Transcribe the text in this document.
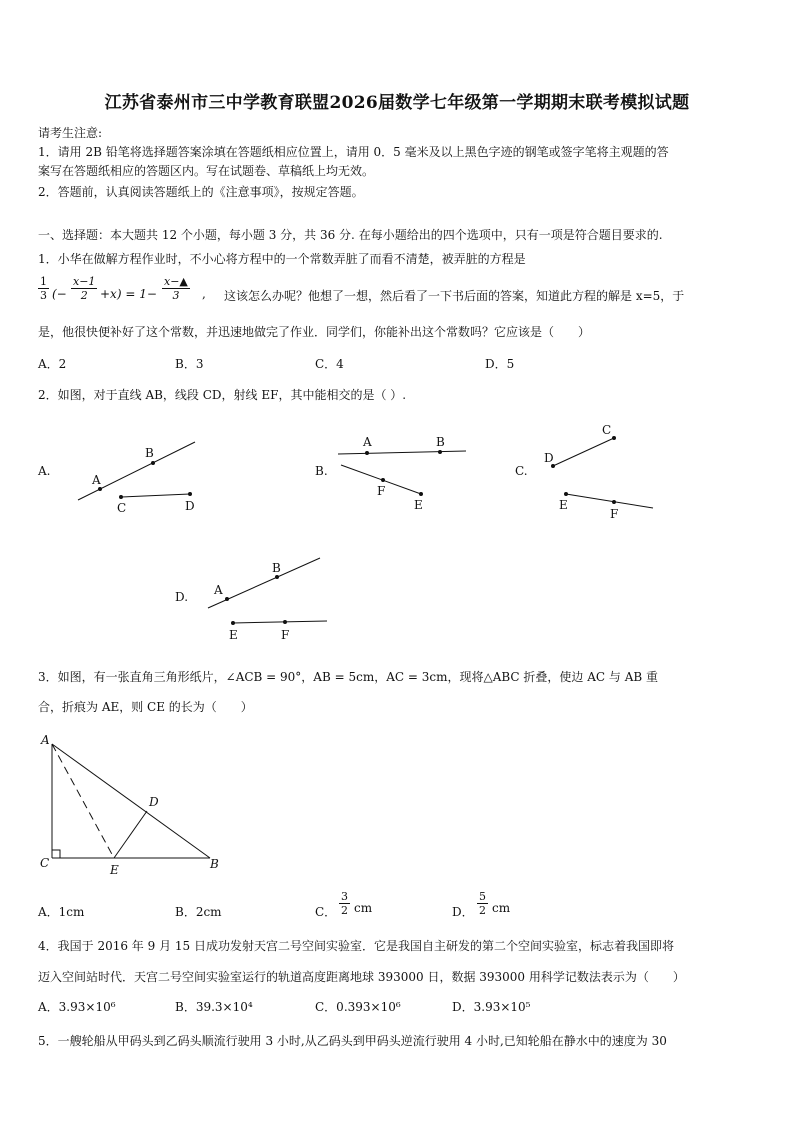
江苏省泰州市三中学教育联盟2026届数学七年级第一学期期末联考模拟试题
请考生注意:
1．请用 2B 铅笔将选择题答案涂填在答题纸相应位置上，请用 0．5 毫米及以上黑色字迹的钢笔或签字笔将主观题的答
案写在答题纸相应的答题区内。写在试题卷、草稿纸上均无效。
2．答题前，认真阅读答题纸上的《注意事项》，按规定答题。
一、选择题：本大题共 12 个小题，每小题 3 分，共 36 分. 在每小题给出的四个选项中，只有一项是符合题目要求的.
1．小华在做解方程作业时，不小心将方程中的一个常数弄脏了而看不清楚，被弄脏的方程是
$\frac{1}{3}$ (− $\frac{x-1}{2} +x) = 1- \frac{x-▲}{3}$ , 这该怎么办呢？他想了一想，然后看了一下书后面的答案，知道此方程的解是 x=5，于
是，他很快便补好了这个常数，并迅速地做完了作业．同学们，你能补出这个常数吗？它应该是（　　）
A．2	B．3	C．4	D．5
2．如图，对于直线 AB，线段 CD，射线 EF，其中能相交的是（ ）.
A.
A
B
C	D
B.
A	B
F
E
C.
D
C
E
F
D. A
B
E	F
3．如图，有一张直角三角形纸片，∠ACB = 90°，AB = 5cm，AC = 3cm，现将△ABC 折叠，使边 AC 与 AB 重
合，折痕为 AE，则 CE 的长为（　　）
A
B
C
D
E
A．1cm	B．2cm	C． $\frac{3}{2}$ cm	D． $\frac{5}{2}$ cm
4．我国于 2016 年 9 月 15 日成功发射天宫二号空间实验室．它是我国自主研发的第二个空间实验室，标志着我国即将
迈入空间站时代．天宫二号空间实验室运行的轨道高度距离地球 393000 日，数据 393000 用科学记数法表示为（　　）
A．3.93×10⁶	B．39.3×10⁴	C．0.393×10⁶	D．3.93×10⁵
5．一艘轮船从甲码头到乙码头顺流行驶用 3 小时,从乙码头到甲码头逆流行驶用 4 小时,已知轮船在静水中的速度为 30
